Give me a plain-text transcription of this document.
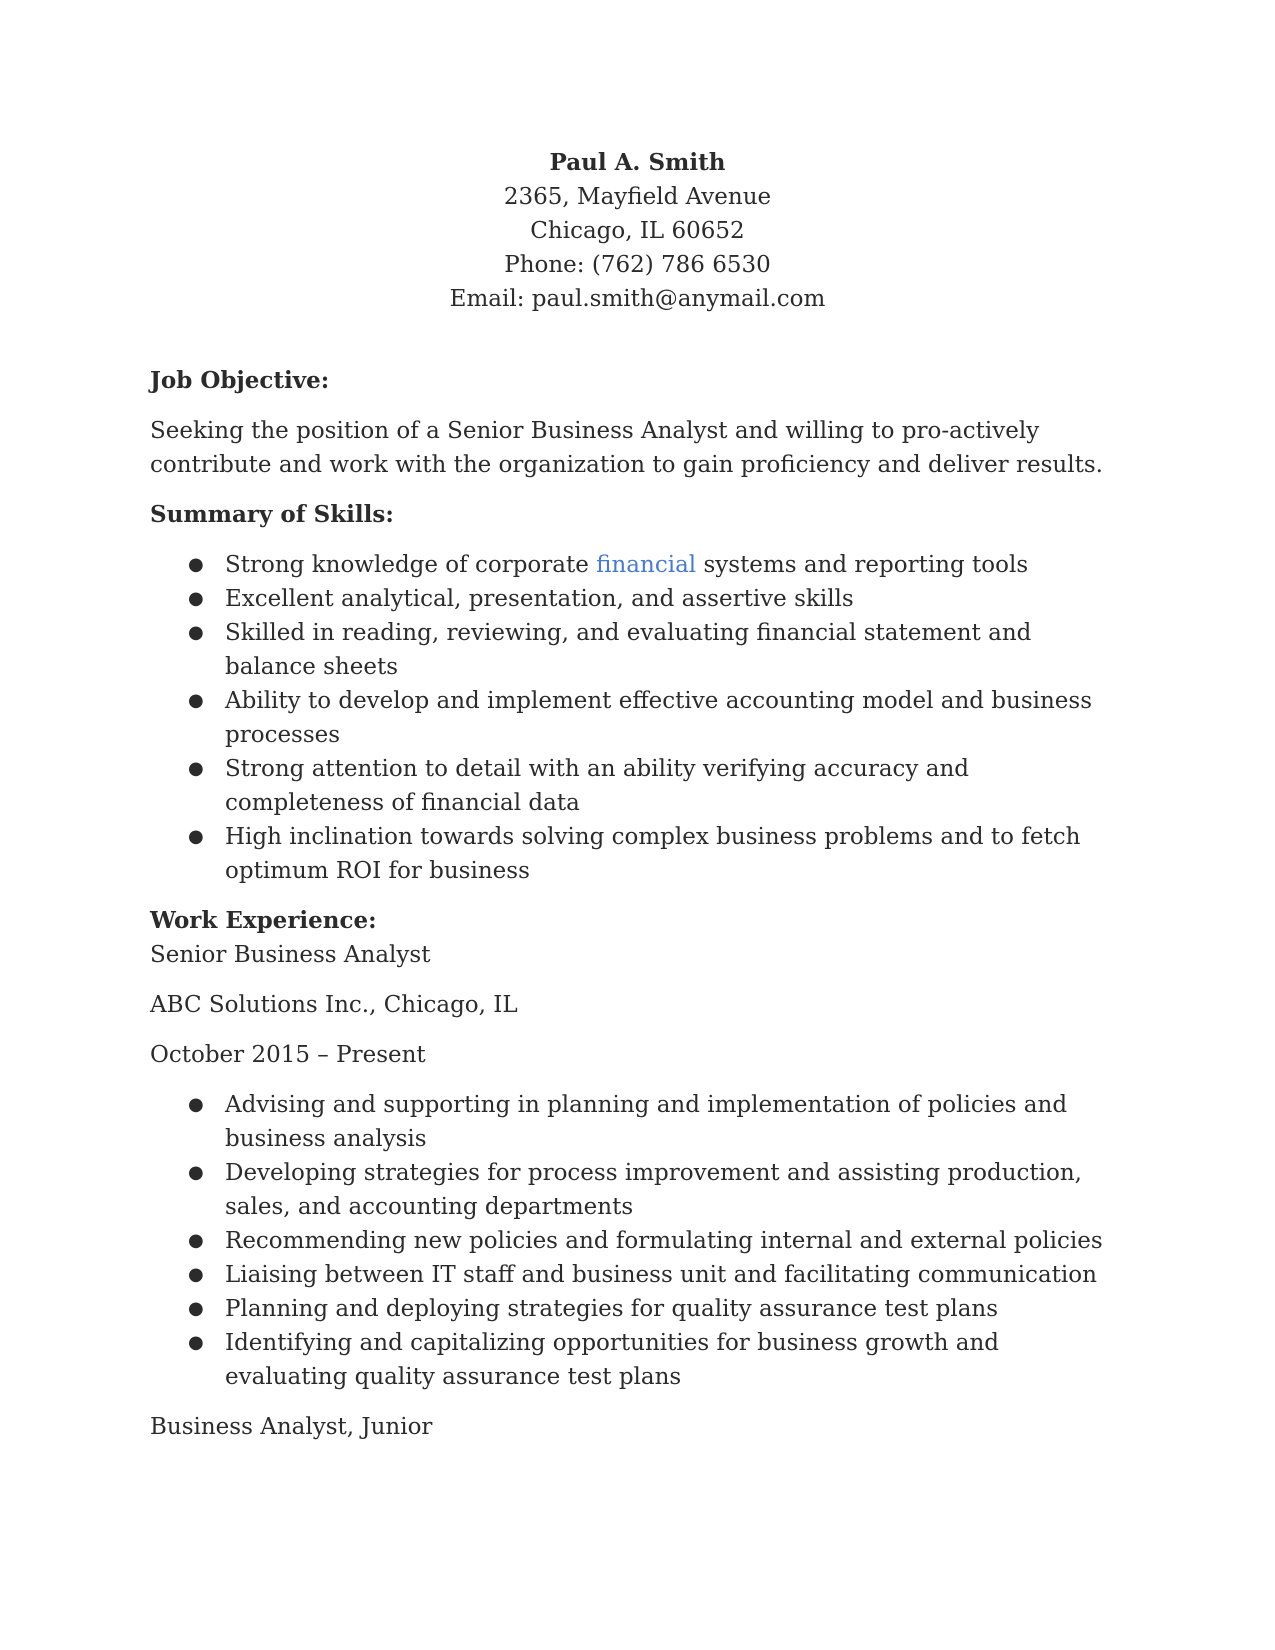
Paul A. Smith
2365, Mayfield Avenue
Chicago, IL 60652
Phone: (762) 786 6530
Email: paul.smith@anymail.com

Job Objective:

Seeking the position of a Senior Business Analyst and willing to pro-actively contribute and work with the organization to gain proficiency and deliver results.

Summary of Skills:

● Strong knowledge of corporate financial systems and reporting tools
● Excellent analytical, presentation, and assertive skills
● Skilled in reading, reviewing, and evaluating financial statement and balance sheets
● Ability to develop and implement effective accounting model and business processes
● Strong attention to detail with an ability verifying accuracy and completeness of financial data
● High inclination towards solving complex business problems and to fetch optimum ROI for business

Work Experience:

Senior Business Analyst

ABC Solutions Inc., Chicago, IL

October 2015 – Present

● Advising and supporting in planning and implementation of policies and business analysis
● Developing strategies for process improvement and assisting production, sales, and accounting departments
● Recommending new policies and formulating internal and external policies
● Liaising between IT staff and business unit and facilitating communication
● Planning and deploying strategies for quality assurance test plans
● Identifying and capitalizing opportunities for business growth and evaluating quality assurance test plans

Business Analyst, Junior
